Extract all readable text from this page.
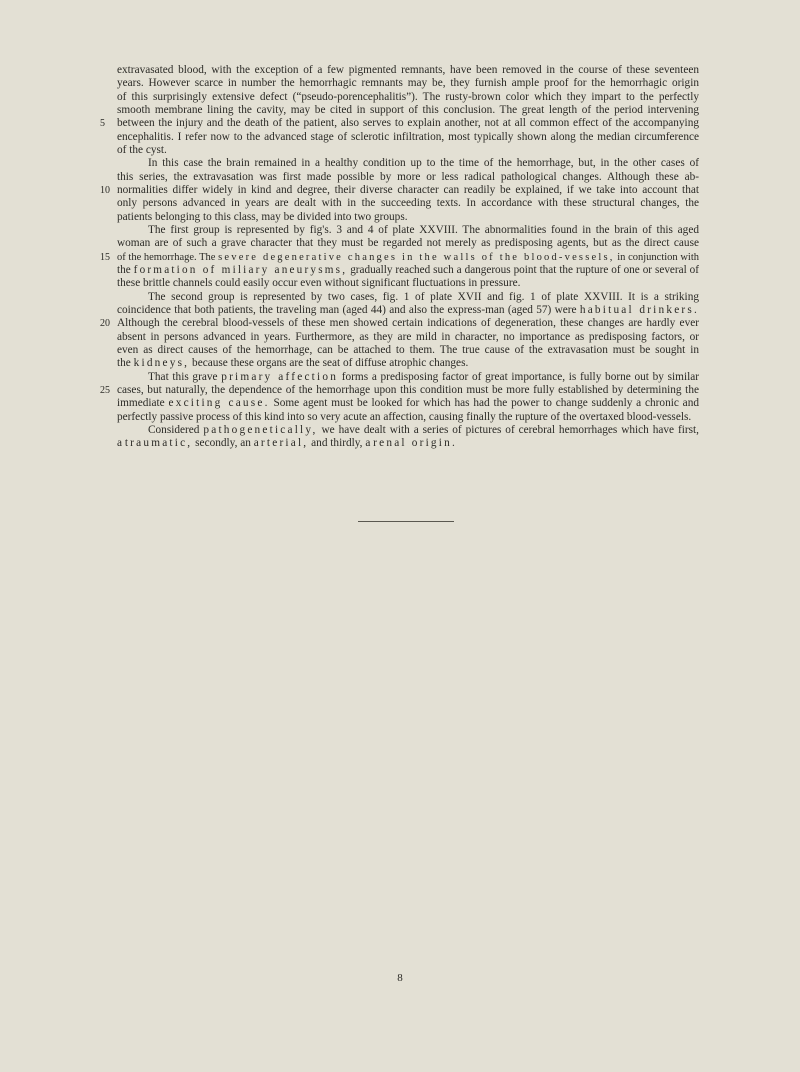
extravasated blood, with the exception of a few pigmented remnants, have been removed in the course of these seventeen
years. However scarce in number the hemorrhagic remnants may be, they furnish ample proof for the hemorrhagic origin
of this surprisingly extensive defect (“pseudo-porencephalitis”). The rusty-brown color which they impart to the perfectly
smooth membrane lining the cavity, may be cited in support of this conclusion. The great length of the period intervening
5	between the injury and the death of the patient, also serves to explain another, not at all common effect of the accompanying
encephalitis. I refer now to the advanced stage of sclerotic infiltration, most typically shown along the median circumference
of the cyst.
In this case the brain remained in a healthy condition up to the time of the hemorrhage, but, in the other cases of
this series, the extravasation was first made possible by more or less radical pathological changes. Although these ab-
10 normalities differ widely in kind and degree, their diverse character can readily be explained, if we take into account that
only persons advanced in years are dealt with in the succeeding texts. In accordance with these structural changes, the
patients belonging to this class, may be divided into two groups.
The first group is represented by fig's. 3 and 4 of plate XXVIII. The abnormalities found in the brain of this aged
woman are of such a grave character that they must be regarded not merely as predisposing agents, but as the direct cause
15 of the hemorrhage. The severe degenerative changes in the walls of the blood-vessels, in conjunction with
the formation of miliary aneurysms, gradually reached such a dangerous point that the rupture of one or several of
these brittle channels could easily occur even without significant fluctuations in pressure.
The second group is represented by two cases, fig. 1 of plate XVII and fig. 1 of plate XXVIII. It is a striking
coincidence that both patients, the traveling man (aged 44) and also the express-man (aged 57) were habitual drinkers.
20 Although the cerebral blood-vessels of these men showed certain indications of degeneration, these changes are hardly ever
absent in persons advanced in years. Furthermore, as they are mild in character, no importance as predisposing factors, or
even as direct causes of the hemorrhage, can be attached to them. The true cause of the extravasation must be sought in
the kidneys, because these organs are the seat of diffuse atrophic changes.
That this grave primary affection forms a predisposing factor of great importance, is fully borne out by similar
25 cases, but naturally, the dependence of the hemorrhage upon this condition must be more fully established by determining the
immediate exciting cause. Some agent must be looked for which has had the power to change suddenly a chronic and
perfectly passive process of this kind into so very acute an affection, causing finally the rupture of the overtaxed blood-vessels.
Considered pathogenetically, we have dealt with a series of pictures of cerebral hemorrhages which have first,
a traumatic, secondly, an arterial, and thirdly, a renal origin.
8
